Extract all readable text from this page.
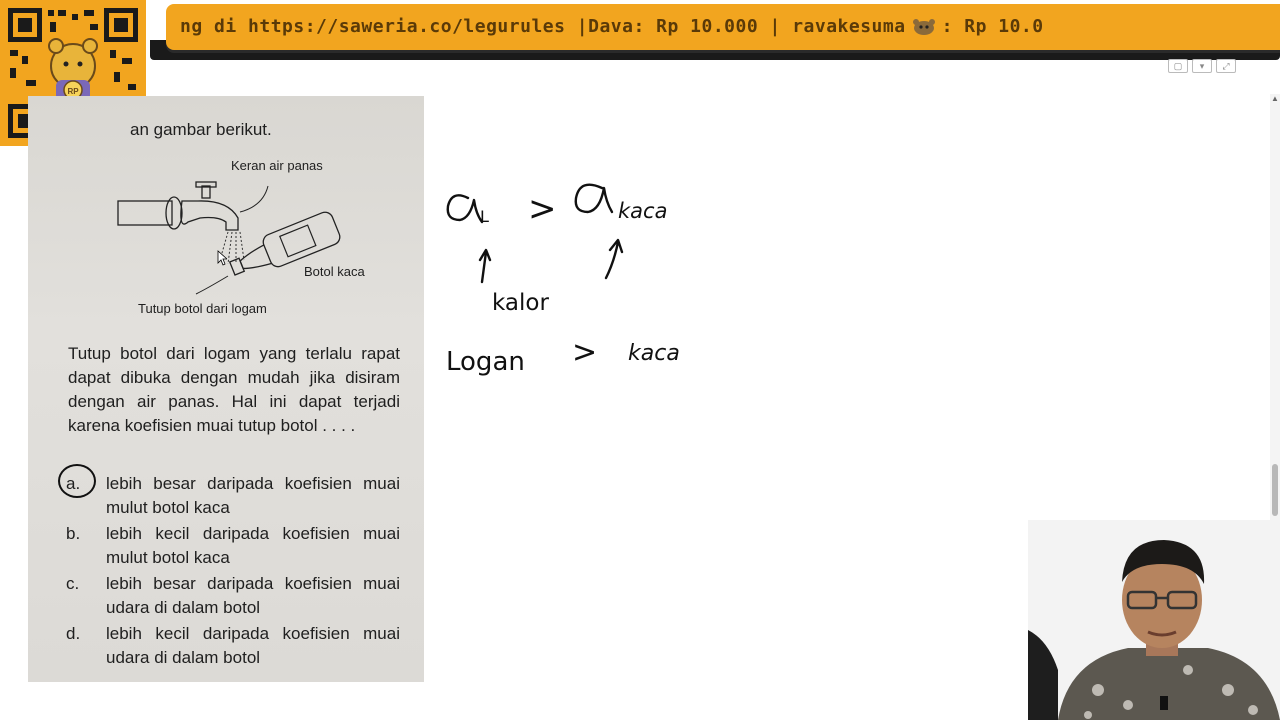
ng di https://saweria.co/legurules |Dava: Rp 10.000 | ravakesuma : Rp 10.0
RP
▢ ▾ ⤢
▲
an gambar berikut.
Keran air panas
Botol kaca
Tutup botol dari logam
Tutup botol dari logam yang terlalu rapat dapat dibuka dengan mudah jika disiram dengan air panas. Hal ini dapat terjadi karena koefisien muai tutup botol . . . .
a.	lebih besar daripada koefisien muai mulut botol kaca
b.	lebih kecil daripada koefisien muai mulut botol kaca
c.	lebih besar daripada koefisien muai udara di dalam botol
d.	lebih kecil daripada koefisien muai udara di dalam botol
L >	kaca
kalor
Logan > kaca
